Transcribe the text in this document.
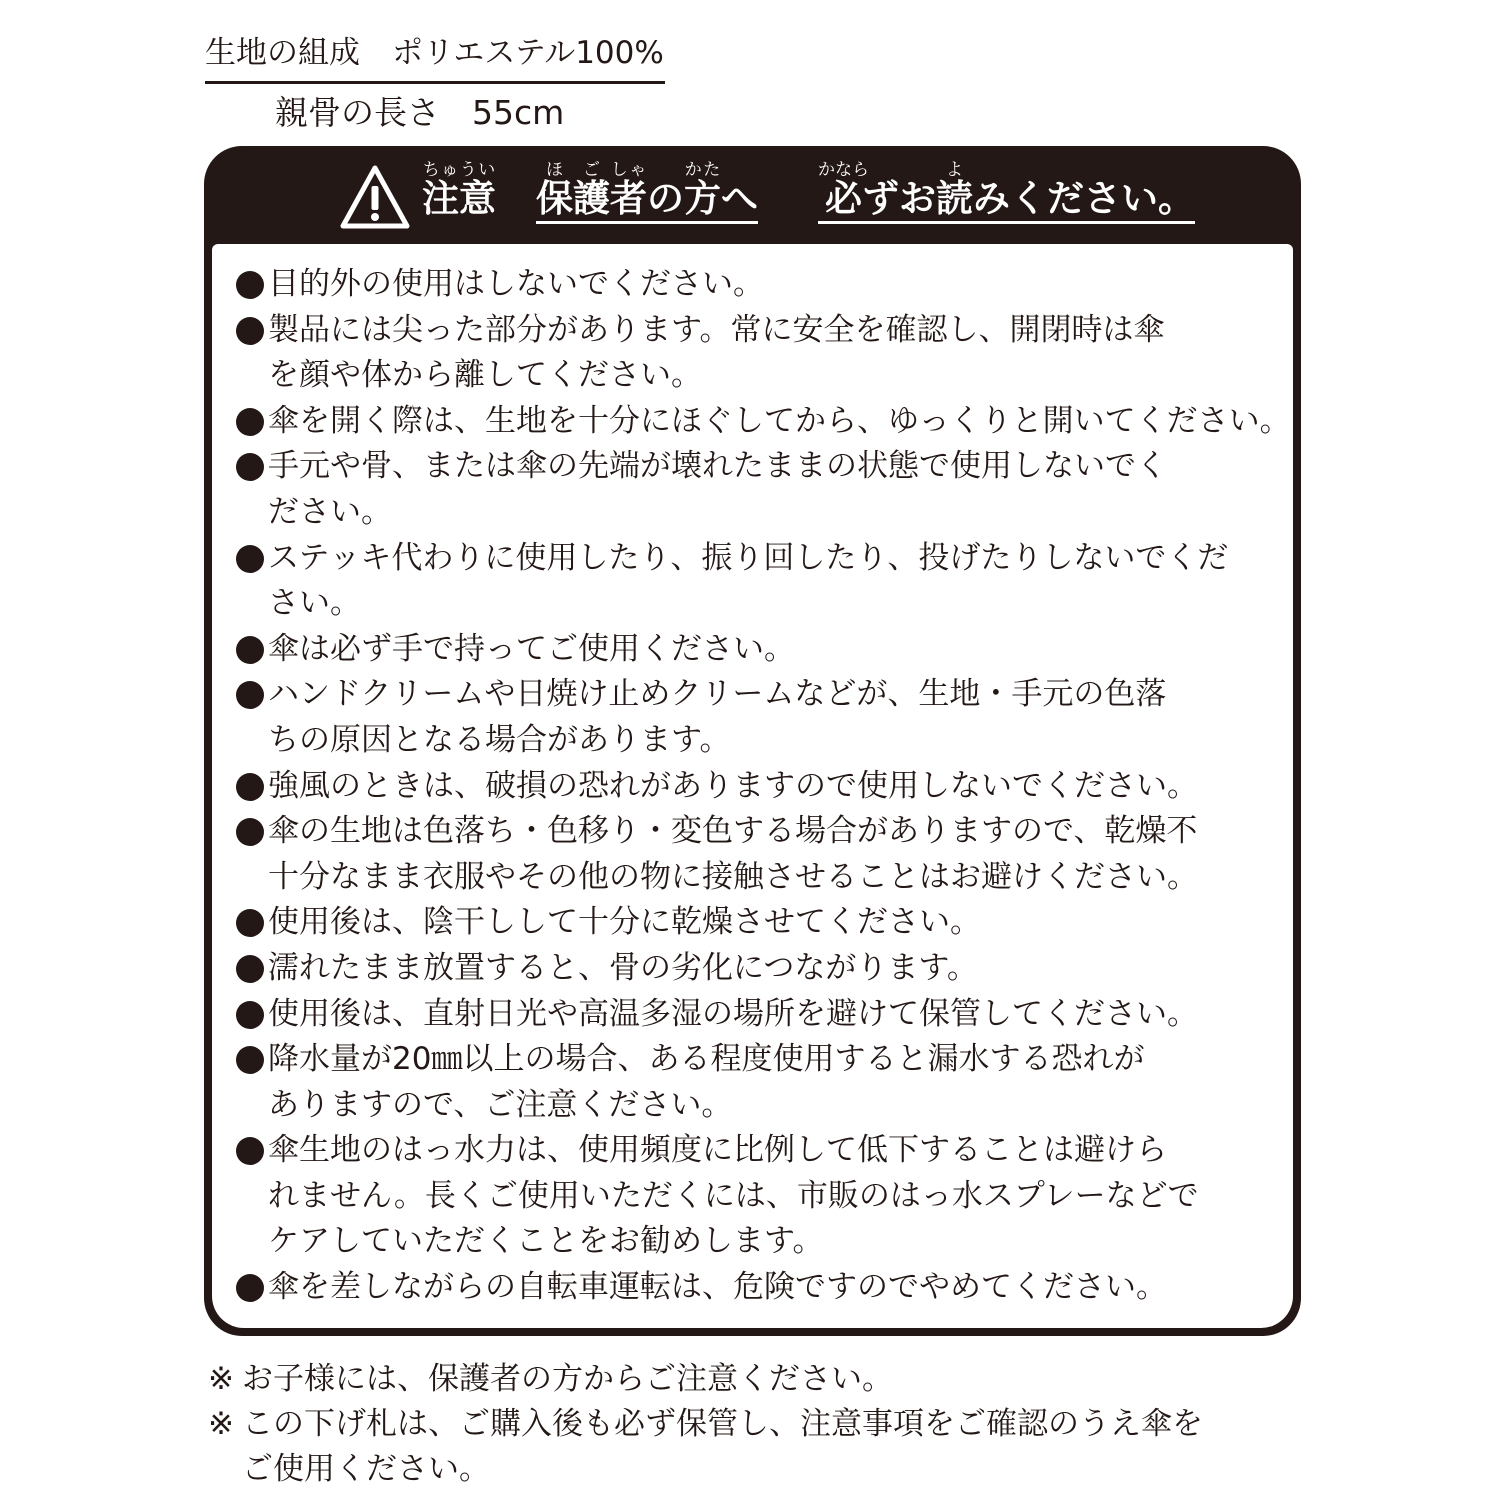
生地の組成 ポリエステル100%
親骨の長さ 55cm
注意ちゅうい
保ほ護ご者しゃの方かたへ 必かならずお読よみください。
目的外の使用はしないでください。
製品には尖った部分があります。常に安全を確認し、開閉時は傘
を顔や体から離してください。
傘を開く際は、生地を十分にほぐしてから、ゆっくりと開いてください。
手元や骨、または傘の先端が壊れたままの状態で使用しないでく
ださい。
ステッキ代わりに使用したり、振り回したり、投げたりしないでくだ
さい。
傘は必ず手で持ってご使用ください。
ハンドクリームや日焼け止めクリームなどが、生地・手元の色落
ちの原因となる場合があります。
強風のときは、破損の恐れがありますので使用しないでください。
傘の生地は色落ち・色移り・変色する場合がありますので、乾燥不
十分なまま衣服やその他の物に接触させることはお避けください。
使用後は、陰干しして十分に乾燥させてください。
濡れたまま放置すると、骨の劣化につながります。
使用後は、直射日光や高温多湿の場所を避けて保管してください。
降水量が20㎜以上の場合、ある程度使用すると漏水する恐れが
ありますので、ご注意ください。
傘生地のはっ水力は、使用頻度に比例して低下することは避けら
れません。長くご使用いただくには、市販のはっ水スプレーなどで
ケアしていただくことをお勧めします。
傘を差しながらの自転車運転は、危険ですのでやめてください。
※ お子様には、保護者の方からご注意ください。
※ この下げ札は、ご購入後も必ず保管し、注意事項をご確認のうえ傘を
ご使用ください。
